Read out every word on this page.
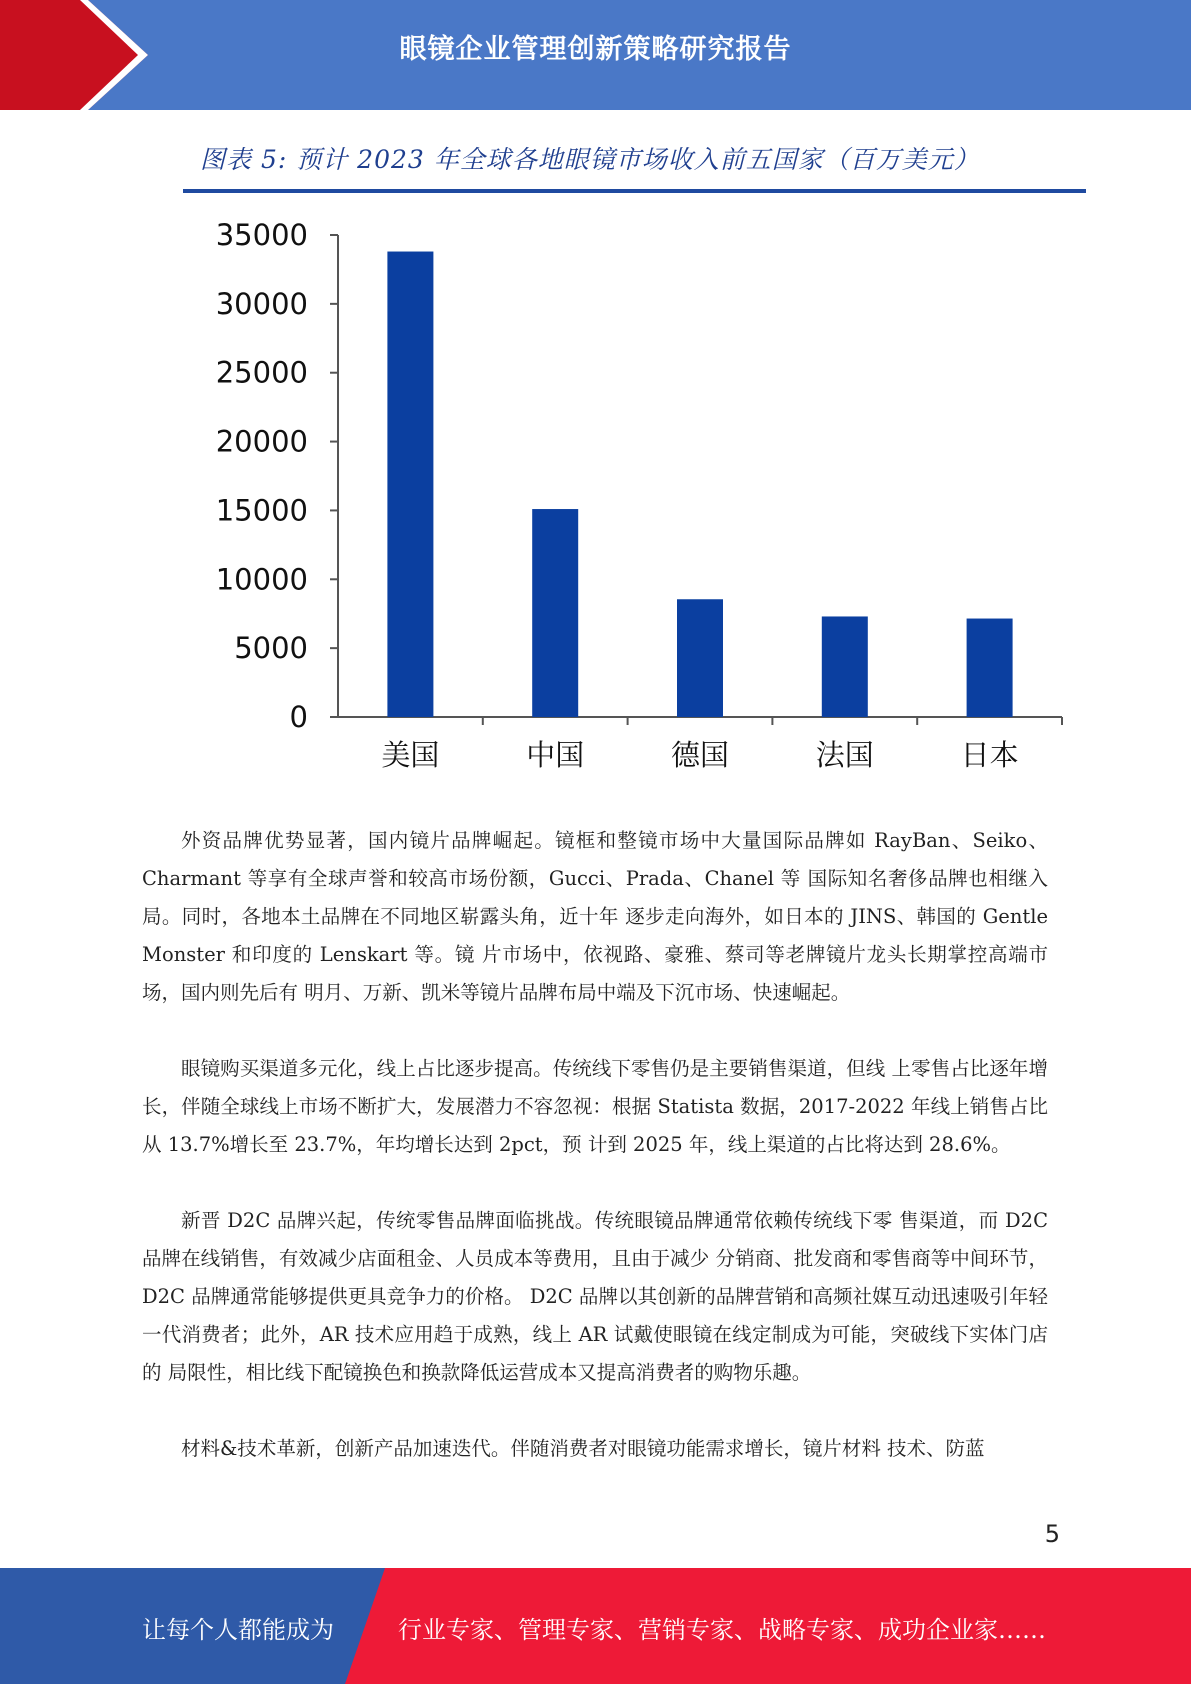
眼镜企业管理创新策略研究报告
图表 5: 预计 2023 年全球各地眼镜市场收入前五国家（百万美元）
0
5000
10000
15000
20000
25000
30000
35000
美国	中国	德国	法国	日本

外资品牌优势显著，国内镜片品牌崛起。镜框和整镜市场中大量国际品牌如 RayBan、Seiko、Charmant 等享有全球声誉和较高市场份额，Gucci、Prada、Chanel 等 国际知名奢侈品牌也相继入局。同时，各地本土品牌在不同地区崭露头角，近十年 逐步走向海外，如日本的 JINS、韩国的 Gentle Monster 和印度的 Lenskart 等。镜 片市场中，依视路、豪雅、蔡司等老牌镜片龙头长期掌控高端市场，国内则先后有 明月、万新、凯米等镜片品牌布局中端及下沉市场、快速崛起。

眼镜购买渠道多元化，线上占比逐步提高。传统线下零售仍是主要销售渠道，但线 上零售占比逐年增长，伴随全球线上市场不断扩大，发展潜力不容忽视：根据 Statista 数据，2017-2022 年线上销售占比从 13.7%增长至 23.7%，年均增长达到 2pct，预 计到 2025 年，线上渠道的占比将达到 28.6%。

新晋 D2C 品牌兴起，传统零售品牌面临挑战。传统眼镜品牌通常依赖传统线下零 售渠道，而 D2C 品牌在线销售，有效减少店面租金、人员成本等费用，且由于减少 分销商、批发商和零售商等中间环节，D2C 品牌通常能够提供更具竞争力的价格。 D2C 品牌以其创新的品牌营销和高频社媒互动迅速吸引年轻一代消费者；此外，AR 技术应用趋于成熟，线上 AR 试戴使眼镜在线定制成为可能，突破线下实体门店的 局限性，相比线下配镜换色和换款降低运营成本又提高消费者的购物乐趣。

材料&技术革新，创新产品加速迭代。伴随消费者对眼镜功能需求增长，镜片材料 技术、防蓝

5
让每个人都能成为	行业专家、管理专家、营销专家、战略专家、成功企业家……
